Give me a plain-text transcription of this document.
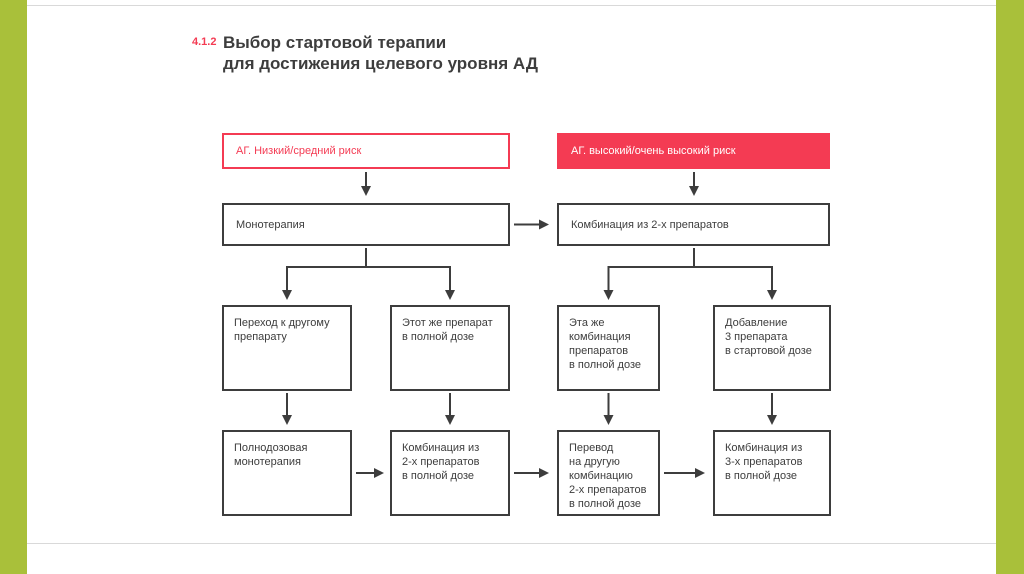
4.1.2 Выбор стартовой терапии
для достижения целевого уровня АД
АГ. Низкий/средний риск	АГ. высокий/очень высокий риск
Монотерапия	Комбинация из 2-х препаратов
Переход к другому
препарату
Этот же препарат
в полной дозе
Эта же
комбинация
препаратов
в полной дозе
Добавление
3 препарата
в стартовой дозе
Полнодозовая
монотерапия
Комбинация из
2-х препаратов
в полной дозе
Перевод
на другую
комбинацию
2-х препаратов
в полной дозе
Комбинация из
3-х препаратов
в полной дозе
